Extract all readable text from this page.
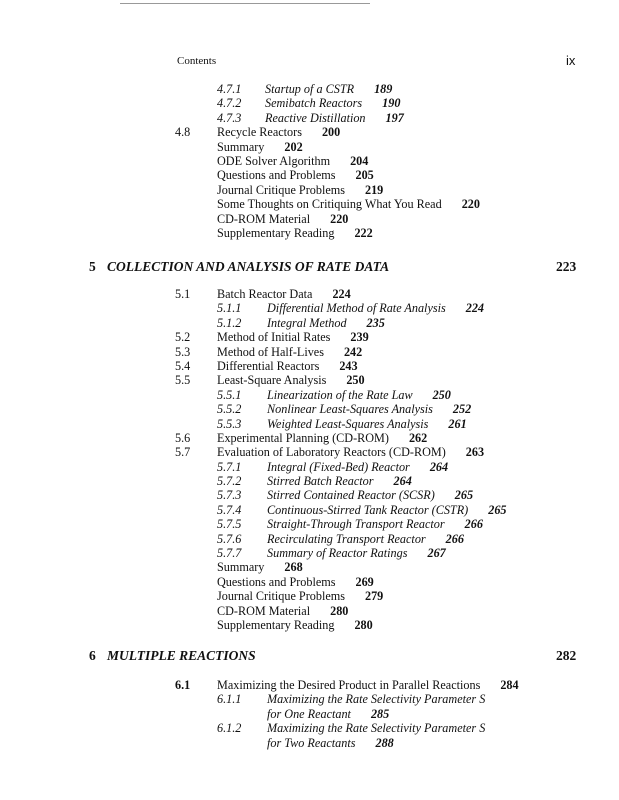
Contents	ix
4.7.1 Startup of a CSTR 189
4.7.2 Semibatch Reactors 190
4.7.3 Reactive Distillation 197
4.8 Recycle Reactors 200
Summary 202
ODE Solver Algorithm 204
Questions and Problems 205
Journal Critique Problems 219
Some Thoughts on Critiquing What You Read 220
CD-ROM Material 220
Supplementary Reading 222
5 COLLECTION AND ANALYSIS OF RATE DATA	223
5.1 Batch Reactor Data 224
5.1.1 Differential Method of Rate Analysis 224
5.1.2 Integral Method 235
5.2 Method of Initial Rates 239
5.3 Method of Half-Lives 242
5.4 Differential Reactors 243
5.5 Least-Square Analysis 250
5.5.1 Linearization of the Rate Law 250
5.5.2 Nonlinear Least-Squares Analysis 252
5.5.3 Weighted Least-Squares Analysis 261
5.6 Experimental Planning (CD-ROM) 262
5.7 Evaluation of Laboratory Reactors (CD-ROM) 263
5.7.1 Integral (Fixed-Bed) Reactor 264
5.7.2 Stirred Batch Reactor 264
5.7.3 Stirred Contained Reactor (SCSR) 265
5.7.4 Continuous-Stirred Tank Reactor (CSTR) 265
5.7.5 Straight-Through Transport Reactor 266
5.7.6 Recirculating Transport Reactor 266
5.7.7 Summary of Reactor Ratings 267
Summary 268
Questions and Problems 269
Journal Critique Problems 279
CD-ROM Material 280
Supplementary Reading 280
6 MULTIPLE REACTIONS	282
6.1 Maximizing the Desired Product in Parallel Reactions 284
6.1.1 Maximizing the Rate Selectivity Parameter S
for One Reactant 285
6.1.2 Maximizing the Rate Selectivity Parameter S
for Two Reactants 288
